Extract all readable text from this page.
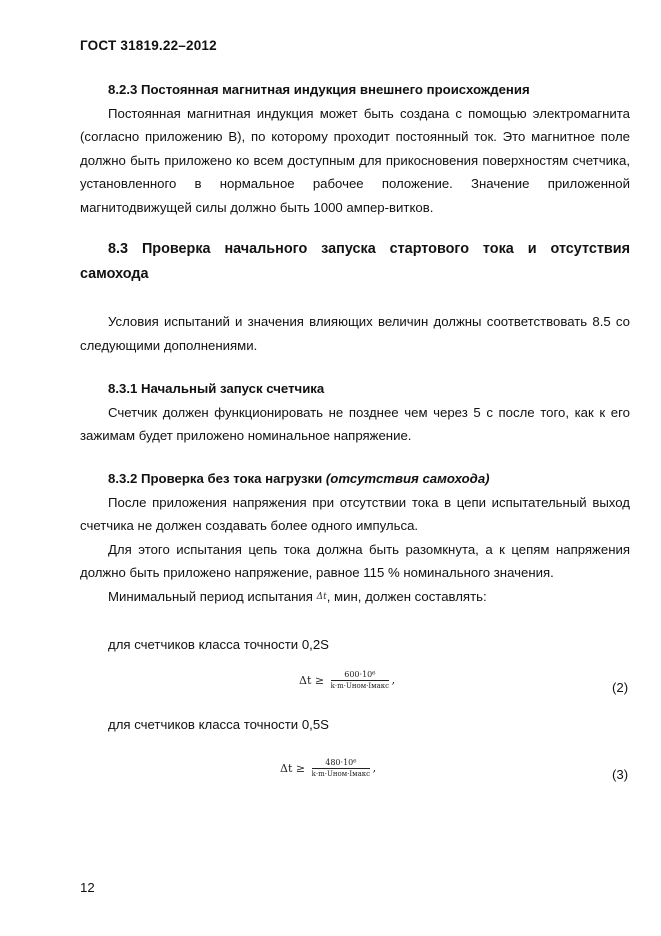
ГОСТ 31819.22–2012

8.2.3 Постоянная магнитная индукция внешнего происхождения

Постоянная магнитная индукция может быть создана с помощью электромагнита (согласно приложению В), по которому проходит постоянный ток. Это магнитное поле должно быть приложено ко всем доступным для прикосновения поверхностям счетчика, установленного в нормальное рабочее положение. Значение приложенной магнитодвижущей силы должно быть 1000 ампер-витков.

8.3 Проверка начального запуска стартового тока и отсутствия самохода

Условия испытаний и значения влияющих величин должны соответствовать 8.5 со следующими дополнениями.

8.3.1 Начальный запуск счетчика

Счетчик должен функционировать не позднее чем через 5 с после того, как к его зажимам будет приложено номинальное напряжение.

8.3.2 Проверка без тока нагрузки (отсутствия самохода)

После приложения напряжения при отсутствии тока в цепи испытательный выход счетчика не должен создавать более одного импульса.

Для этого испытания цепь тока должна быть разомкнута, а к цепям напряжения должно быть приложено напряжение, равное 115 % номинального значения.

Минимальный период испытания Δt, мин, должен составлять:

для счетчиков класса точности 0,2S

$\Delta t \ge \frac{\text{600·10⁶}}{\text{k·m·Uном·Iмакс}}$ ,	(2)

для счетчиков класса точности 0,5S

$\Delta t \ge \frac{\text{480·10⁶}}{\text{k·m·Uном·Iмакс}}$ ,	(3)
12
